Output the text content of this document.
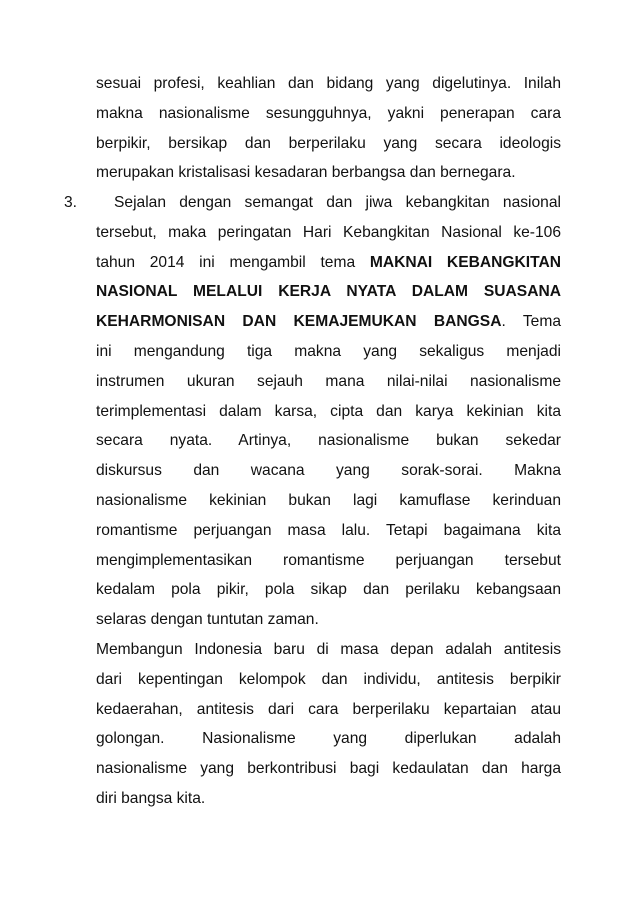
sesuai profesi, keahlian dan bidang yang digelutinya. Inilah
makna nasionalisme sesungguhnya, yakni penerapan cara
berpikir, bersikap dan berperilaku yang secara ideologis
merupakan kristalisasi kesadaran berbangsa dan bernegara.
3.	Sejalan dengan semangat dan jiwa kebangkitan nasional
tersebut, maka peringatan Hari Kebangkitan Nasional ke-106
tahun 2014 ini mengambil tema MAKNAI KEBANGKITAN
NASIONAL MELALUI KERJA NYATA DALAM SUASANA
KEHARMONISAN DAN KEMAJEMUKAN BANGSA. Tema
ini mengandung tiga makna yang sekaligus menjadi
instrumen ukuran sejauh mana nilai-nilai nasionalisme
terimplementasi dalam karsa, cipta dan karya kekinian kita
secara nyata. Artinya, nasionalisme bukan sekedar
diskursus dan wacana yang sorak-sorai. Makna
nasionalisme kekinian bukan lagi kamuflase kerinduan
romantisme perjuangan masa lalu. Tetapi bagaimana kita
mengimplementasikan romantisme perjuangan tersebut
kedalam pola pikir, pola sikap dan perilaku kebangsaan
selaras dengan tuntutan zaman.
Membangun Indonesia baru di masa depan adalah antitesis
dari kepentingan kelompok dan individu, antitesis berpikir
kedaerahan, antitesis dari cara berperilaku kepartaian atau
golongan. Nasionalisme yang diperlukan adalah
nasionalisme yang berkontribusi bagi kedaulatan dan harga
diri bangsa kita.
